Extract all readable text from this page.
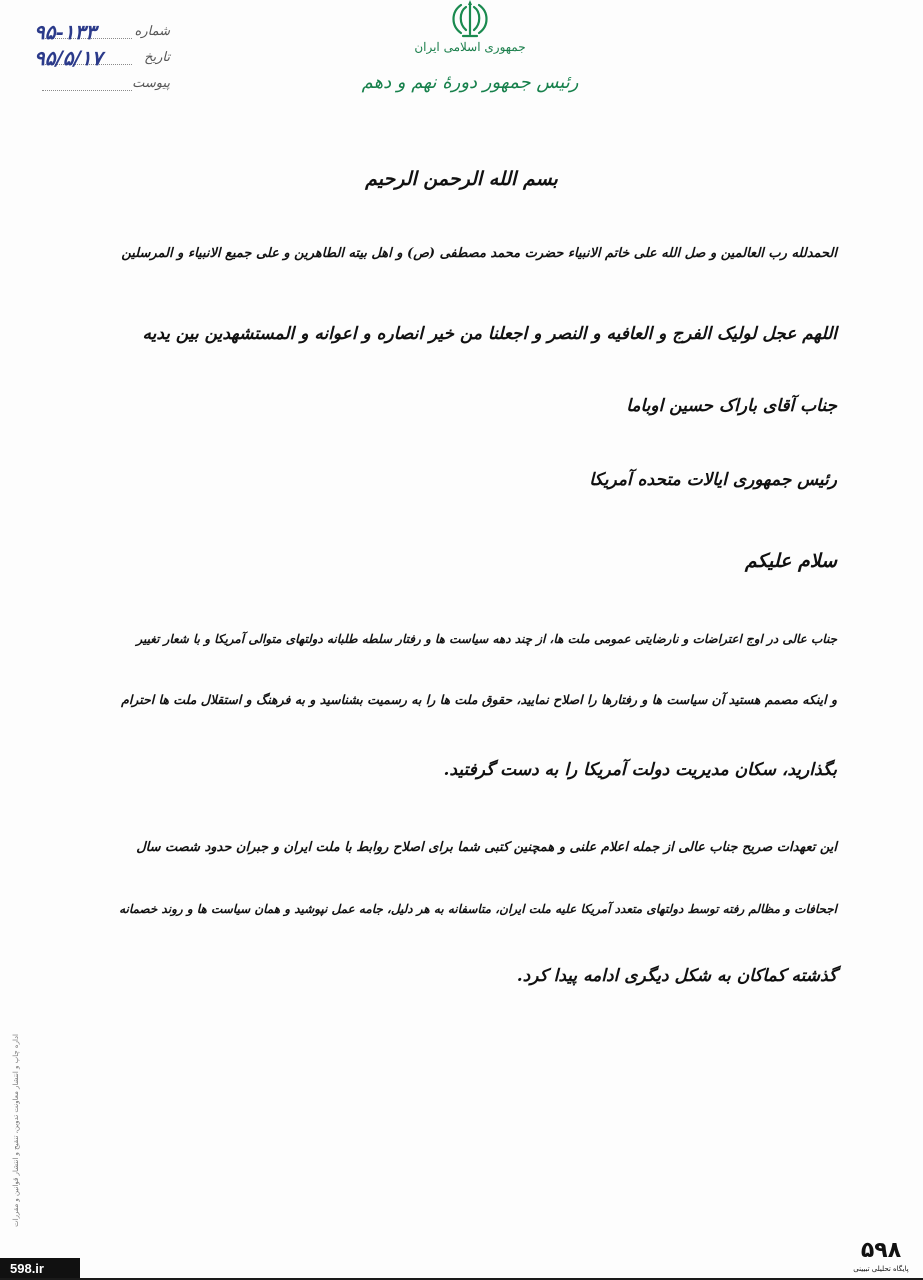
شماره
۹۵-۱۳۳
تاریخ
۹۵/۵/۱۷
پیوست
جمهوری اسلامی ایران
رئیس جمهور دورهٔ نهم و دهم
بسم الله الرحمن الرحیم
الحمدلله رب العالمین و صل الله علی خاتم الانبیاء حضرت محمد مصطفی (ص) و اهل بیته الطاهرین و علی جمیع الانبیاء و المرسلین
اللهم عجل لولیک الفرج و العافیه و النصر و اجعلنا من خیر انصاره و اعوانه و المستشهدین بین یدیه
جناب آقای باراک حسین اوباما
رئیس جمهوری ایالات متحده آمریکا
سلام علیکم
جناب عالی در اوج اعتراضات و نارضایتی عمومی ملت ها، از چند دهه سیاست ها و رفتار سلطه طلبانه دولتهای متوالی آمریکا و با شعار تغییر
و اینکه مصمم هستید آن سیاست ها و رفتارها را اصلاح نمایید، حقوق ملت ها را به رسمیت بشناسید و به فرهنگ و استقلال ملت ها احترام
بگذارید، سکان مدیریت دولت آمریکا را به دست گرفتید.
این تعهدات صریح جناب عالی از جمله اعلام علنی و همچنین کتبی شما برای اصلاح روابط با ملت ایران و جبران حدود شصت سال
اجحافات و مظالم رفته توسط دولتهای متعدد آمریکا علیه ملت ایران، متاسفانه به هر دلیل، جامه عمل نپوشید و همان سیاست ها و روند خصمانه
گذشته کماکان به شکل دیگری ادامه پیدا کرد.
اداره چاپ و انتشار معاونت تدوین، تنقیح و انتشار قوانین و مقررات
598.ir
۵۹۸
پایگاه تحلیلی تبیینی
